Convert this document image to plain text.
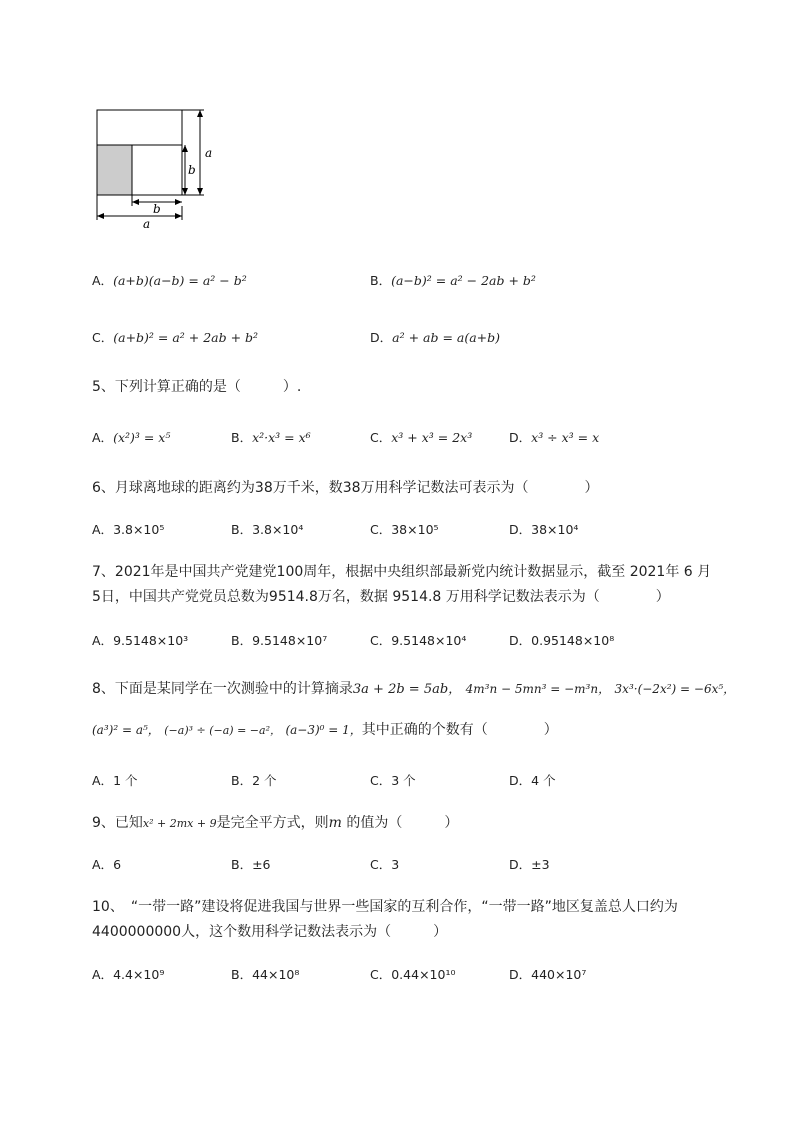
a
b
b
a
A．(a+b)(a−b) = a² − b²	B．(a−b)² = a² − 2ab + b²
C．(a+b)² = a² + 2ab + b²	D．a² + ab = a(a+b)
5、下列计算正确的是（　　　）.
A．(x²)³ = x⁵	B．x²·x³ = x⁶	C．x³ + x³ = 2x³	D．x³ ÷ x³ = x
6、月球离地球的距离约为38万千米，数38万用科学记数法可表示为（　　　　）
A．3.8×10⁵	B．3.8×10⁴	C．38×10⁵	D．38×10⁴
7、2021年是中国共产党建党100周年，根据中央组织部最新党内统计数据显示，截至 2021年 6 月
5日，中国共产党党员总数为9514.8万名，数据 9514.8 万用科学记数法表示为（　　　　）
A．9.5148×10³	B．9.5148×10⁷	C．9.5148×10⁴	D．0.95148×10⁸
8、下面是某同学在一次测验中的计算摘录3a + 2b = 5ab， 4m³n − 5mn³ = −m³n， 3x³·(−2x²) = −6x⁵，
(a³)² = a⁵， (−a)³ ÷ (−a) = −a²， (a−3)⁰ = 1，其中正确的个数有（　　　　）
A．1 个	B．2 个	C．3 个	D．4 个
9、已知x² + 2mx + 9是完全平方式，则m 的值为（　　　）
A．6	B．±6	C．3	D．±3
10、　“一带一路”建设将促进我国与世界一些国家的互利合作，“一带一路”地区复盖总人口约为
4400000000人，这个数用科学记数法表示为（　　　）
A．4.4×10⁹	B．44×10⁸	C．0.44×10¹⁰	D．440×10⁷
